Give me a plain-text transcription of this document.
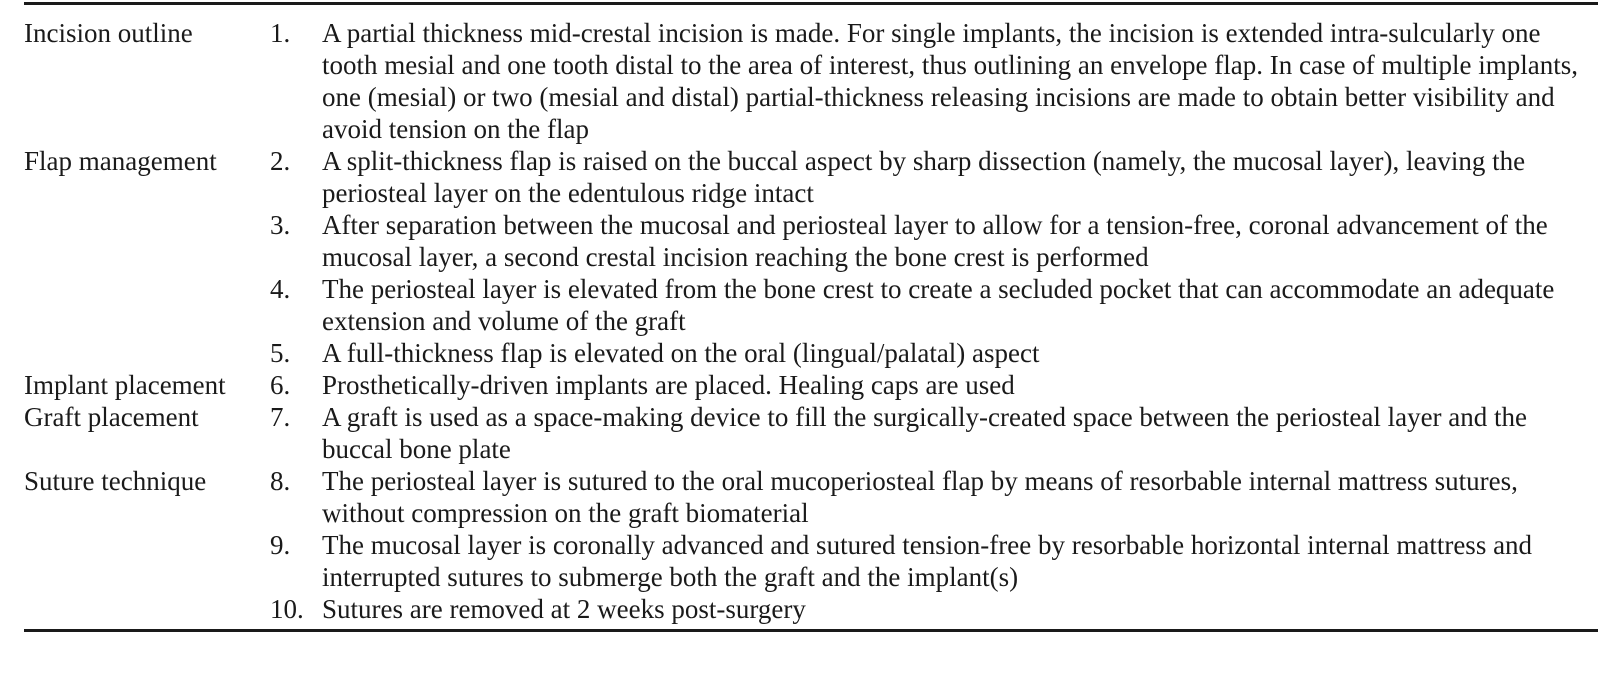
Incision outline	1.	A partial thickness mid-crestal incision is made. For single implants, the incision is extended intra-sulcularly one tooth mesial and one tooth distal to the area of interest, thus outlining an envelope flap. In case of multiple implants, one (mesial) or two (mesial and distal) partial-thickness releasing incisions are made to obtain better visibility and avoid tension on the flap
Flap management	2.	A split-thickness flap is raised on the buccal aspect by sharp dissection (namely, the mucosal layer), leaving the periosteal layer on the edentulous ridge intact
	3.	After separation between the mucosal and periosteal layer to allow for a tension-free, coronal advancement of the mucosal layer, a second crestal incision reaching the bone crest is performed
	4.	The periosteal layer is elevated from the bone crest to create a secluded pocket that can accommodate an adequate extension and volume of the graft
	5.	A full-thickness flap is elevated on the oral (lingual/palatal) aspect
Implant placement	6.	Prosthetically-driven implants are placed. Healing caps are used
Graft placement	7.	A graft is used as a space-making device to fill the surgically-created space between the periosteal layer and the buccal bone plate
Suture technique	8.	The periosteal layer is sutured to the oral mucoperiosteal flap by means of resorbable internal mattress sutures, without compression on the graft biomaterial
	9.	The mucosal layer is coronally advanced and sutured tension-free by resorbable horizontal internal mattress and interrupted sutures to submerge both the graft and the implant(s)
	10.	Sutures are removed at 2 weeks post-surgery
